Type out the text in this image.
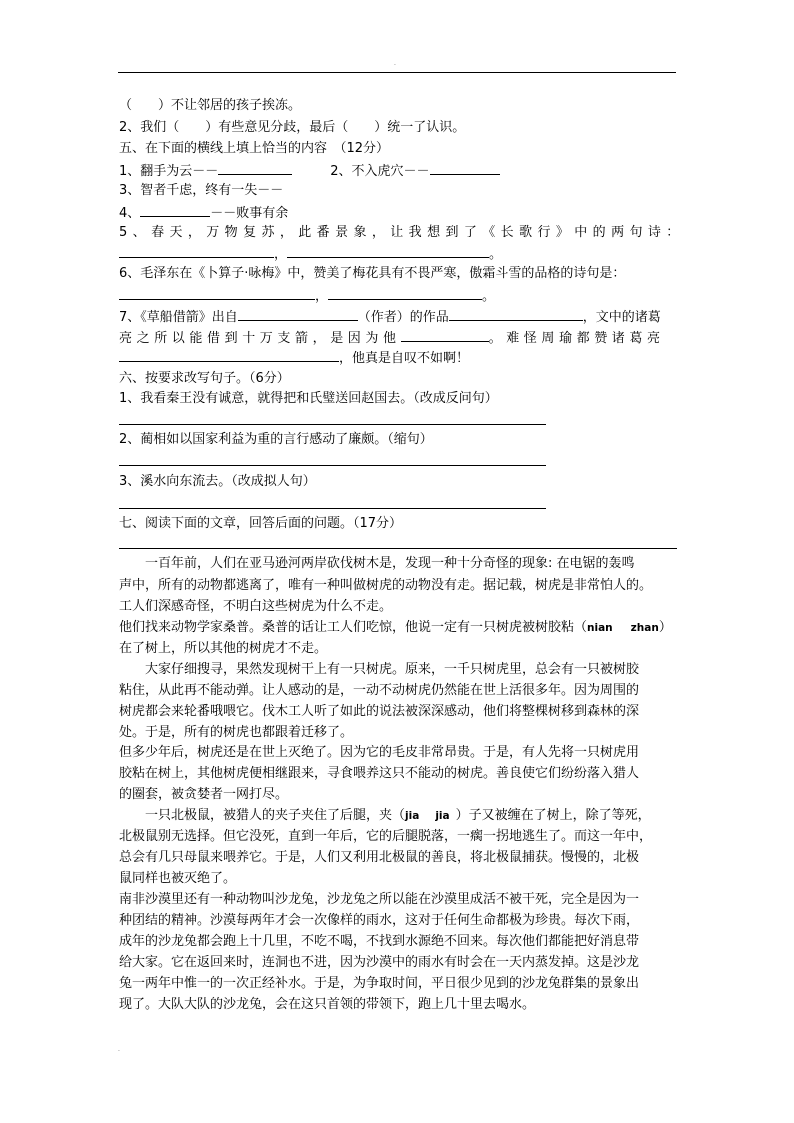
.
（　　）不让邻居的孩子挨冻。
2、我们（　　）有些意见分歧，最后（　　）统一了认识。
五、在下面的横线上填上恰当的内容　（12分）
1、翻手为云－－	2、不入虎穴－－
3、智者千虑，终有一失－－
4、	－－败事有余
5、春天，万物复苏，此番景象，让我想到了《长歌行》中的两句诗：
，	。
6、毛泽东在《卜算子·咏梅》中，赞美了梅花具有不畏严寒，傲霜斗雪的品格的诗句是：
，	。
7、《草船借箭》出自	（作者）的作品	，文中的诸葛
亮之所以能借到十万支箭，是因为他	。难怪周瑜都赞诸葛亮
，他真是自叹不如啊！
六、按要求改写句子。（6分）
1、我看秦王没有诚意，就得把和氏璧送回赵国去。（改成反问句）
2、蔺相如以国家利益为重的言行感动了廉颇。（缩句）
3、溪水向东流去。（改成拟人句）
七、阅读下面的文章，回答后面的问题。（17分）
　　一百年前，人们在亚马逊河两岸砍伐树木是，发现一种十分奇怪的现象: 在电锯的轰鸣
声中，所有的动物都逃离了，唯有一种叫做树虎的动物没有走。据记载，树虎是非常怕人的。
工人们深感奇怪，不明白这些树虎为什么不走。
他们找来动物学家桑普。桑普的话让工人们吃惊，他说一定有一只树虎被树胶粘（nian zhan）
在了树上，所以其他的树虎才不走。
　　大家仔细搜寻，果然发现树干上有一只树虎。原来，一千只树虎里，总会有一只被树胶
粘住，从此再不能动弹。让人感动的是，一动不动树虎仍然能在世上活很多年。因为周围的
树虎都会来轮番哦喂它。伐木工人听了如此的说法被深深感动，他们将整棵树移到森林的深
处。于是，所有的树虎也都跟着迁移了。
但多少年后，树虎还是在世上灭绝了。因为它的毛皮非常昂贵。于是，有人先将一只树虎用
胶粘在树上，其他树虎便相继跟来，寻食喂养这只不能动的树虎。善良使它们纷纷落入猎人
的圈套，被贪婪者一网打尽。
　　一只北极鼠，被猎人的夹子夹住了后腿，夹（jia jia ）子又被缠在了树上，除了等死，
北极鼠别无选择。但它没死，直到一年后，它的后腿脱落，一瘸一拐地逃生了。而这一年中，
总会有几只母鼠来喂养它。于是，人们又利用北极鼠的善良，将北极鼠捕获。慢慢的，北极
鼠同样也被灭绝了。
南非沙漠里还有一种动物叫沙龙兔，沙龙兔之所以能在沙漠里成活不被干死，完全是因为一
种团结的精神。沙漠每两年才会一次像样的雨水，这对于任何生命都极为珍贵。每次下雨，
成年的沙龙兔都会跑上十几里，不吃不喝，不找到水源绝不回来。每次他们都能把好消息带
给大家。它在返回来时，连洞也不进，因为沙漠中的雨水有时会在一天内蒸发掉。这是沙龙
兔一两年中惟一的一次正经补水。于是，为争取时间，平日很少见到的沙龙兔群集的景象出
现了。大队大队的沙龙兔，会在这只首领的带领下，跑上几十里去喝水。
.
